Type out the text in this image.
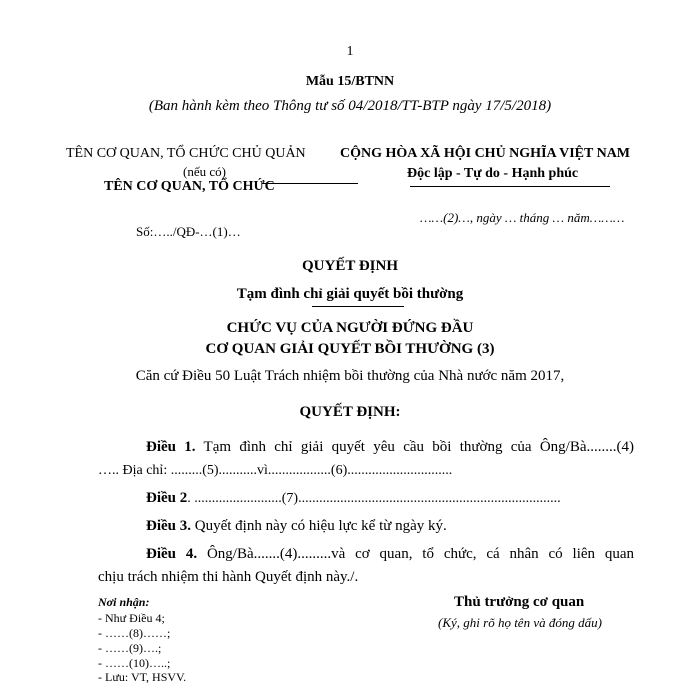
1
Mẫu 15/BTNN
(Ban hành kèm theo Thông tư số 04/2018/TT-BTP ngày 17/5/2018)
TÊN CƠ QUAN, TỔ CHỨC CHỦ QUẢN
(nếu có)
TÊN CƠ QUAN, TỔ CHỨC
Số:…../QĐ-…(1)…
CỘNG HÒA XÃ HỘI CHỦ NGHĨA VIỆT NAM
Độc lập - Tự do - Hạnh phúc
……(2)…, ngày … tháng … năm………
QUYẾT ĐỊNH
Tạm đình chỉ giải quyết bồi thường
CHỨC VỤ CỦA NGƯỜI ĐỨNG ĐẦU
CƠ QUAN GIẢI QUYẾT BỒI THƯỜNG (3)
Căn cứ Điều 50 Luật Trách nhiệm bồi thường của Nhà nước năm 2017,
QUYẾT ĐỊNH:
Điều 1. Tạm đình chỉ giải quyết yêu cầu bồi thường của Ông/Bà........(4)
….. Địa chỉ: .........(5)...........vì..................(6)..............................
Điều 2. .........................(7)...........................................................................
Điều 3. Quyết định này có hiệu lực kể từ ngày ký.
Điều 4. Ông/Bà.......(4).........và cơ quan, tổ chức, cá nhân có liên quan
chịu trách nhiệm thi hành Quyết định này./.
Nơi nhận:
- Như Điều 4;
- ……(8)……;
- ……(9)….;
- ……(10)…..;
- Lưu: VT, HSVV.
Thủ trưởng cơ quan
(Ký, ghi rõ họ tên và đóng dấu)
